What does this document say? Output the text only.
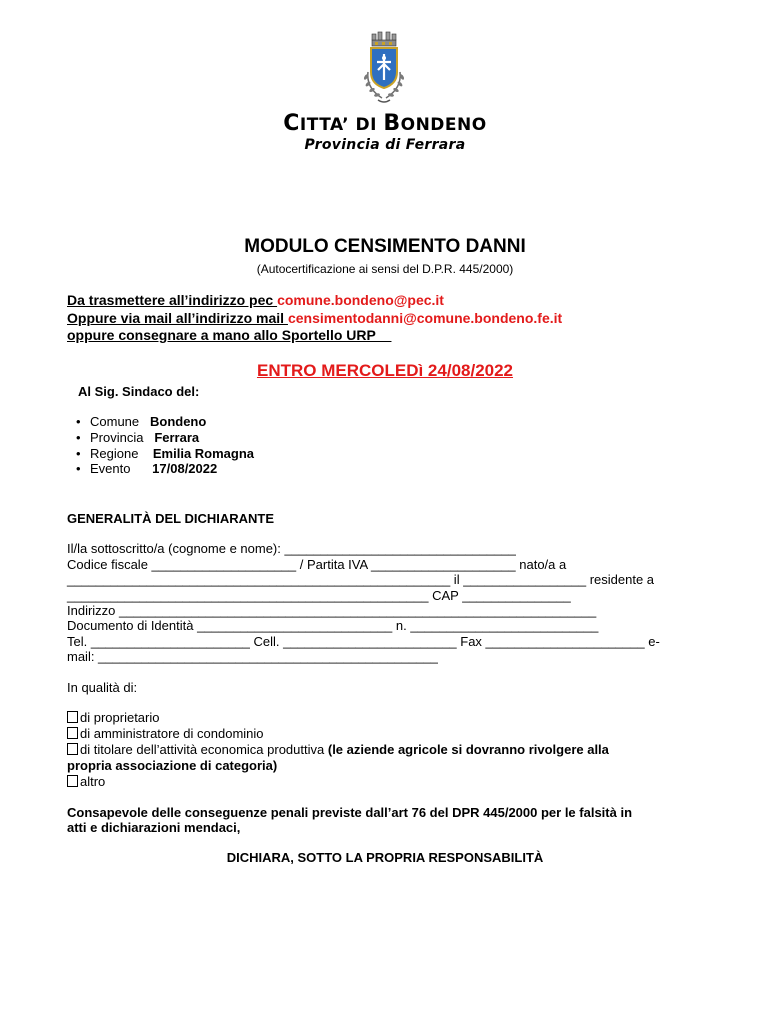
CITTA’ DI BONDENO
Provincia di Ferrara
MODULO CENSIMENTO DANNI
(Autocertificazione ai sensi del D.P.R. 445/2000)
Da trasmettere all’indirizzo pec comune.bondeno@pec.it
Oppure via mail all’indirizzo mail censimentodanni@comune.bondeno.fe.it
oppure consegnare a mano allo Sportello URP__
ENTRO MERCOLEDì 24/08/2022
Al Sig. Sindaco del:
• Comune Bondeno
• Provincia Ferrara
• Regione Emilia Romagna
• Evento 17/08/2022
GENERALITÀ DEL DICHIARANTE
Il/la sottoscritto/a (cognome e nome): ________________________________
Codice fiscale ____________________ / Partita IVA ____________________ nato/a a
_____________________________________________________ il _________________ residente a
__________________________________________________ CAP _______________
Indirizzo __________________________________________________________________
Documento di Identità ___________________________ n. __________________________
Tel. ______________________ Cell. ________________________ Fax ______________________ e-
mail: _______________________________________________
In qualità di:
di proprietario
di amministratore di condominio
di titolare dell’attività economica produttiva (le aziende agricole si dovranno rivolgere alla
propria associazione di categoria)
altro
Consapevole delle conseguenze penali previste dall’art 76 del DPR 445/2000 per le falsità in
atti e dichiarazioni mendaci,
DICHIARA, SOTTO LA PROPRIA RESPONSABILITÀ
